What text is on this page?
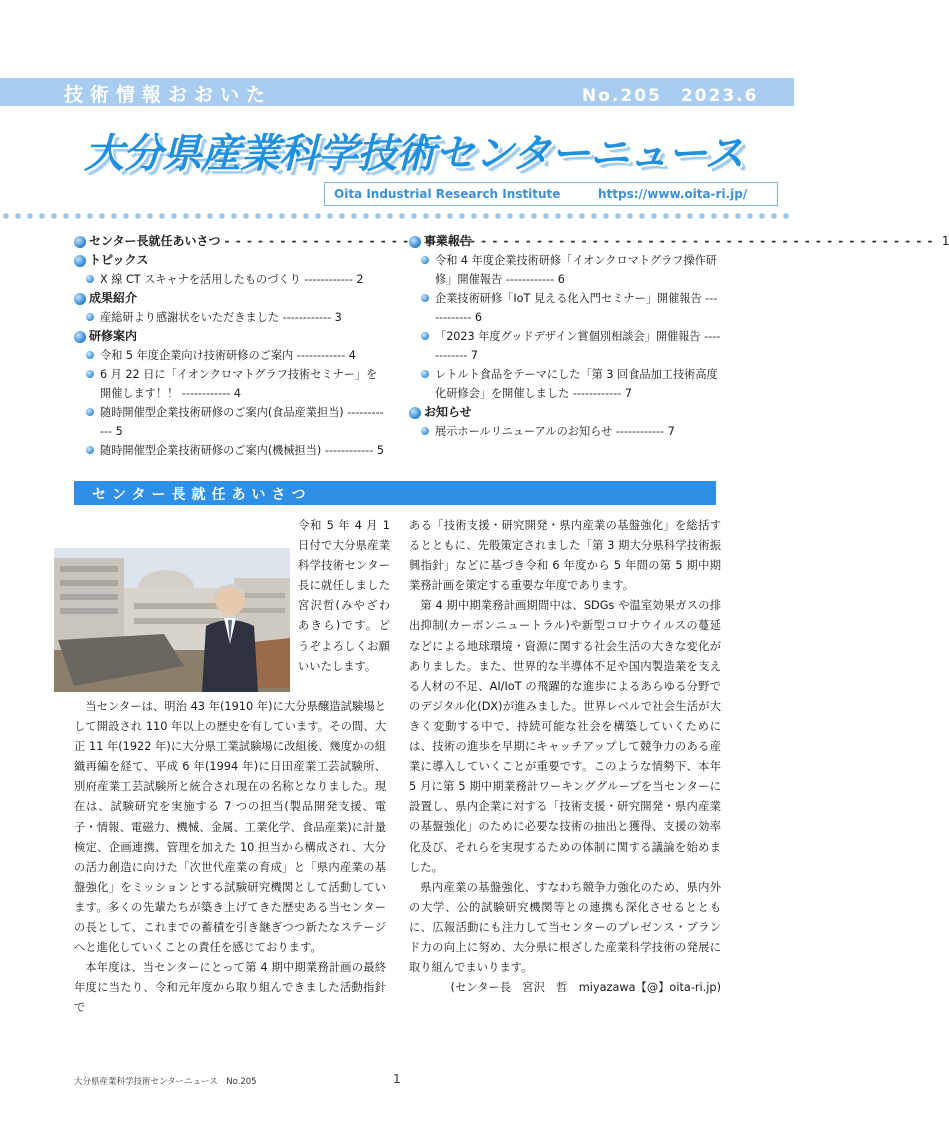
技術情報おおいた	No.205　2023.6
大分県産業科学技術センターニュース
Oita Industrial Research Institute	https://www.oita-ri.jp/
センター長就任あいさつ
- - -	1
トピックス
X 線 CT スキャナを活用したものづくり ------------ 2
成果紹介
産総研より感謝状をいただきました ------------ 3
研修案内
令和 5 年度企業向け技術研修のご案内 ------------ 4
6 月 22 日に「イオンクロマトグラフ技術セミナー」を開催します！！ ------------ 4
随時開催型企業技術研修のご案内(食品産業担当) ------------ 5
随時開催型企業技術研修のご案内(機械担当) ------------ 5
事業報告
令和 4 年度企業技術研修「イオンクロマトグラフ操作研修」開催報告 ------------ 6
企業技術研修「IoT 見える化入門セミナー」開催報告 ------------ 6
「2023 年度グッドデザイン賞個別相談会」開催報告 ------------ 7
レトルト食品をテーマにした「第 3 回食品加工技術高度化研修会」を開催しました ------------ 7
お知らせ
展示ホールリニューアルのお知らせ ------------ 7
センター長就任あいさつ

令和 5 年 4 月 1 日付で大分県産業科学技術センター長に就任しました宮沢哲(みやざわあきら)です。どうぞよろしくお願いいたします。

当センターは、明治 43 年(1910 年)に大分県醸造試験場として開設され 110 年以上の歴史を有しています。その間、大正 11 年(1922 年)に大分県工業試験場に改組後、幾度かの組織再編を経て、平成 6 年(1994 年)に日田産業工芸試験所、別府産業工芸試験所と統合され現在の名称となりました。現在は、試験研究を実施する 7 つの担当(製品開発支援、電子・情報、電磁力、機械、金属、工業化学、食品産業)に計量検定、企画連携、管理を加えた 10 担当から構成され、大分の活力創造に向けた「次世代産業の育成」と「県内産業の基盤強化」をミッションとする試験研究機関として活動しています。多くの先輩たちが築き上げてきた歴史ある当センターの長として、これまでの蓄積を引き継ぎつつ新たなステージへと進化していくことの責任を感じております。

本年度は、当センターにとって第 4 期中期業務計画の最終年度に当たり、令和元年度から取り組んできました活動指針で

ある「技術支援・研究開発・県内産業の基盤強化」を総括するとともに、先般策定されました「第 3 期大分県科学技術振興指針」などに基づき令和 6 年度から 5 年間の第 5 期中期業務計画を策定する重要な年度であります。

第 4 期中期業務計画期間中は、SDGs や温室効果ガスの排出抑制(カーボンニュートラル)や新型コロナウイルスの蔓延などによる地球環境・資源に関する社会生活の大きな変化がありました。また、世界的な半導体不足や国内製造業を支える人材の不足、AI/IoT の飛躍的な進歩によるあらゆる分野でのデジタル化(DX)が進みました。世界レベルで社会生活が大きく変動する中で、持続可能な社会を構築していくためには、技術の進歩を早期にキャッチアップして競争力のある産業に導入していくことが重要です。このような情勢下、本年 5 月に第 5 期中期業務計ワーキンググループを当センターに設置し、県内企業に対する「技術支援・研究開発・県内産業の基盤強化」のために必要な技術の抽出と獲得、支援の効率化及び、それらを実現するための体制に関する議論を始めました。

県内産業の基盤強化、すなわち競争力強化のため、県内外の大学、公的試験研究機関等との連携も深化させるとともに、広報活動にも注力して当センターのプレゼンス・ブランド力の向上に努め、大分県に根ざした産業科学技術の発展に取り組んでまいります。

(センター長　宮沢　哲　miyazawa【@】oita-ri.jp)
大分県産業科学技術センターニュース　No.205	1
